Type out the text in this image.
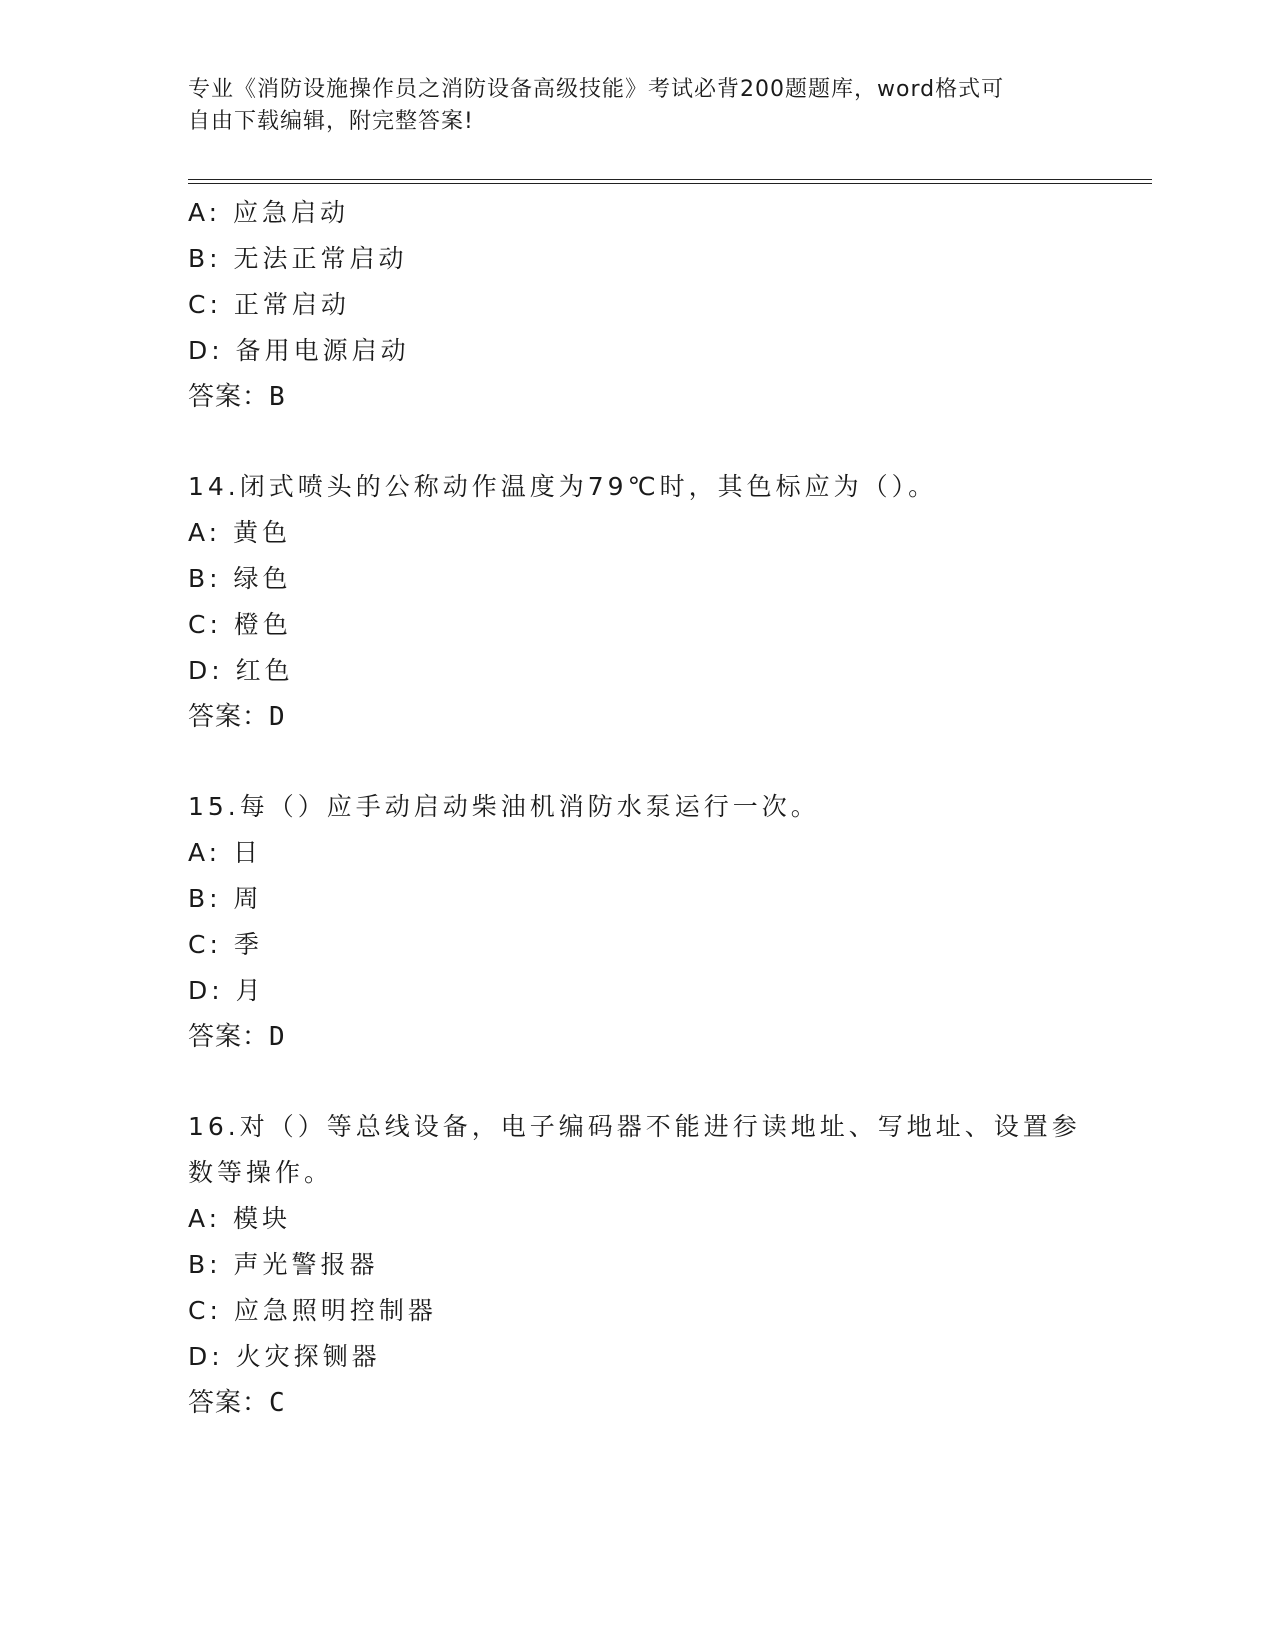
专业《消防设施操作员之消防设备高级技能》考试必背200题题库，word格式可
自由下载编辑，附完整答案!
A: 应急启动
B: 无法正常启动
C: 正常启动
D: 备用电源启动
答案：B
14.闭式喷头的公称动作温度为79℃时，其色标应为（）。
A: 黄色
B: 绿色
C: 橙色
D: 红色
答案：D
15.每（）应手动启动柴油机消防水泵运行一次。
A: 日
B: 周
C: 季
D: 月
答案：D
16.对（）等总线设备，电子编码器不能进行读地址、写地址、设置参
数等操作。
A: 模块
B: 声光警报器
C: 应急照明控制器
D: 火灾探铡器
答案：C
